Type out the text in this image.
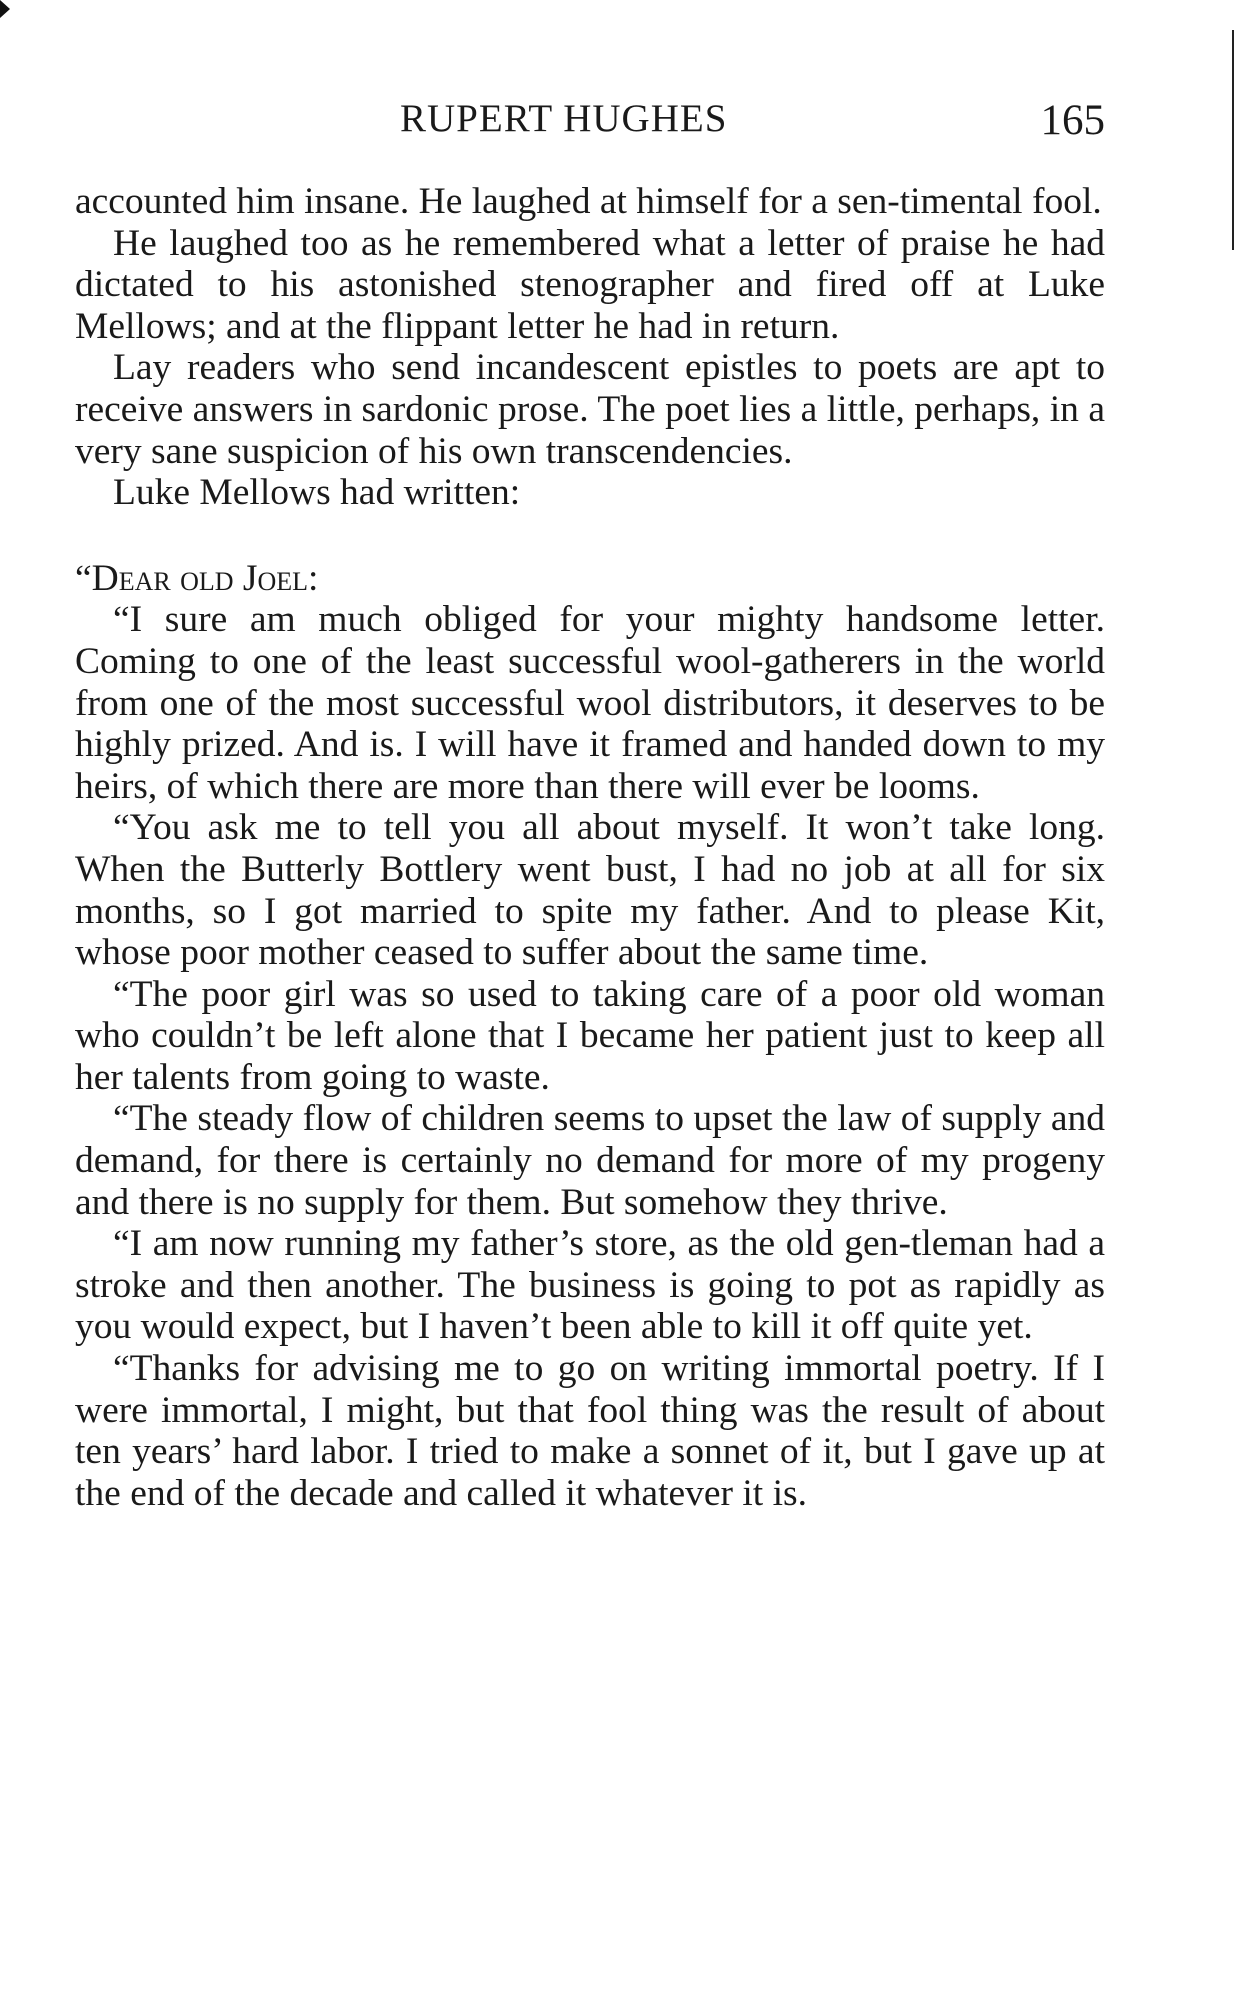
RUPERT HUGHES	165

accounted him insane. He laughed at himself for a sen-timental fool.

He laughed too as he remembered what a letter of praise he had dictated to his astonished stenographer and fired off at Luke Mellows; and at the flippant letter he had in return.

Lay readers who send incandescent epistles to poets are apt to receive answers in sardonic prose. The poet lies a little, perhaps, in a very sane suspicion of his own transcendencies.

Luke Mellows had written:

“Dear old Joel:

“I sure am much obliged for your mighty handsome letter. Coming to one of the least successful wool-gatherers in the world from one of the most successful wool distributors, it deserves to be highly prized. And is. I will have it framed and handed down to my heirs, of which there are more than there will ever be looms.

“You ask me to tell you all about myself. It won’t take long. When the Butterly Bottlery went bust, I had no job at all for six months, so I got married to spite my father. And to please Kit, whose poor mother ceased to suffer about the same time.

“The poor girl was so used to taking care of a poor old woman who couldn’t be left alone that I became her patient just to keep all her talents from going to waste.

“The steady flow of children seems to upset the law of supply and demand, for there is certainly no demand for more of my progeny and there is no supply for them. But somehow they thrive.

“I am now running my father’s store, as the old gen-tleman had a stroke and then another. The business is going to pot as rapidly as you would expect, but I haven’t been able to kill it off quite yet.

“Thanks for advising me to go on writing immortal poetry. If I were immortal, I might, but that fool thing was the result of about ten years’ hard labor. I tried to make a sonnet of it, but I gave up at the end of the decade and called it whatever it is.
